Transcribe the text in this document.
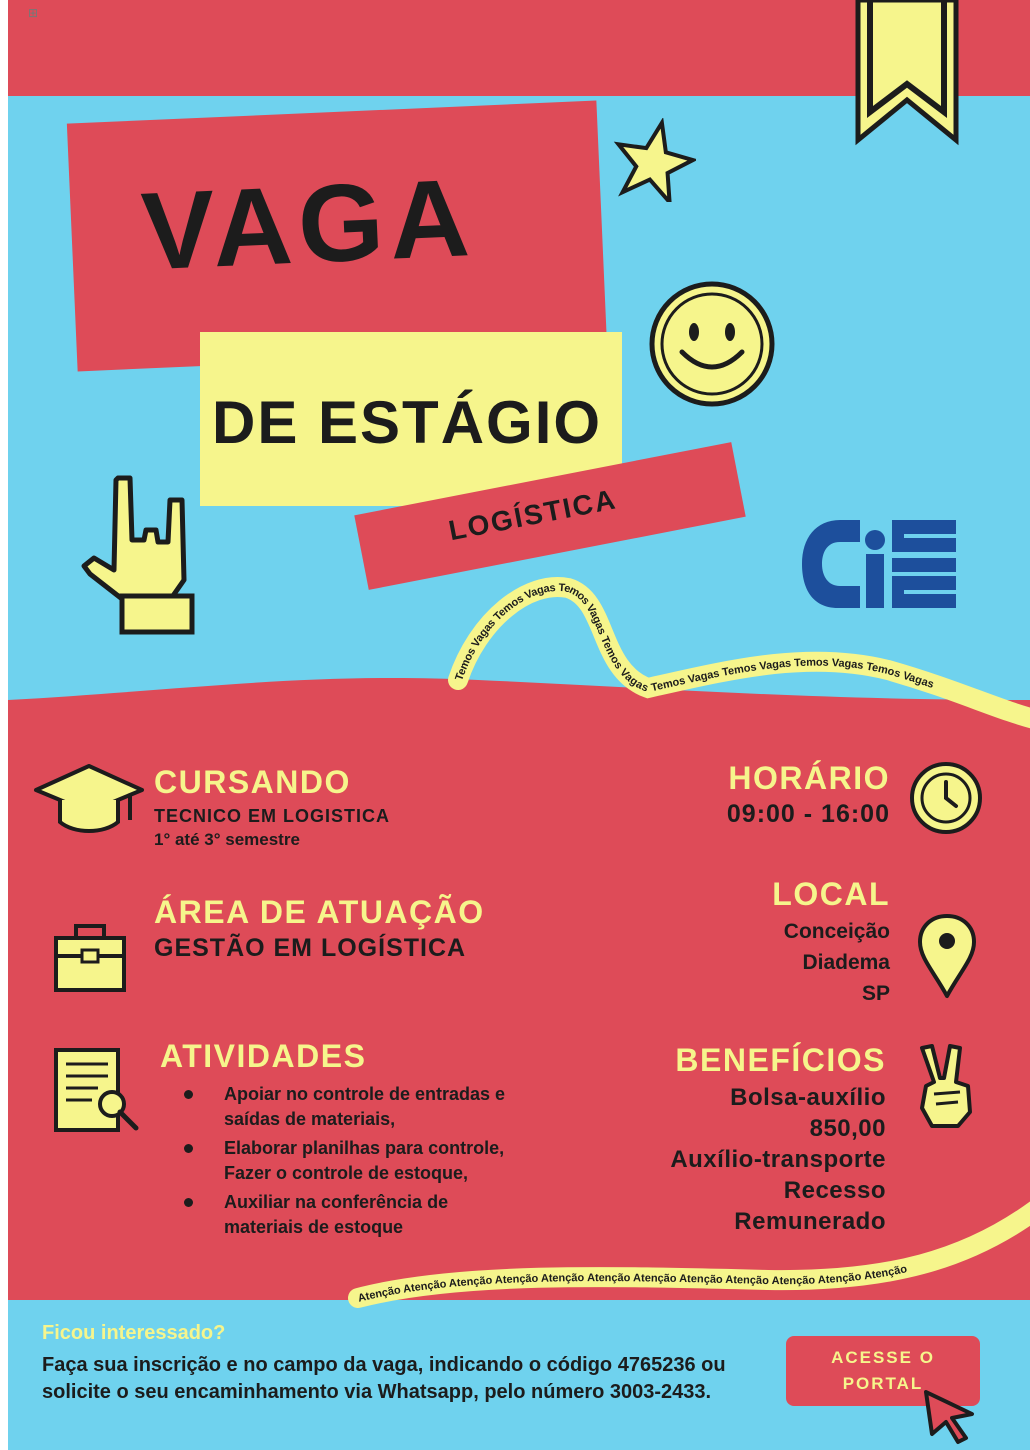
⊞
VAGA
DE ESTÁGIO
LOGÍSTICA
Temos Vagas Temos Vagas Temos Vagas Temos Vagas Temos Vagas Temos Vagas Temos Vagas Temos Vagas
CURSANDO
TECNICO EM LOGISTICA
1° até 3° semestre
ÁREA DE ATUAÇÃO
GESTÃO EM LOGÍSTICA
ATIVIDADES
Apoiar no controle de entradas e
saídas de materiais,
Elaborar planilhas para controle,
Fazer o controle de estoque,
Auxiliar na conferência de
materiais de estoque
HORÁRIO
09:00 - 16:00
LOCAL
Conceição
Diadema
SP
BENEFÍCIOS
Bolsa-auxílio
850,00
Auxílio-transporte
Recesso
Remunerado
Atenção Atenção Atenção Atenção Atenção Atenção Atenção Atenção Atenção Atenção Atenção Atenção
Ficou interessado?
Faça sua inscrição e no campo da vaga, indicando o código 4765236 ou solicite o seu encaminhamento via Whatsapp, pelo número 3003-2433.
ACESSE O
PORTAL
